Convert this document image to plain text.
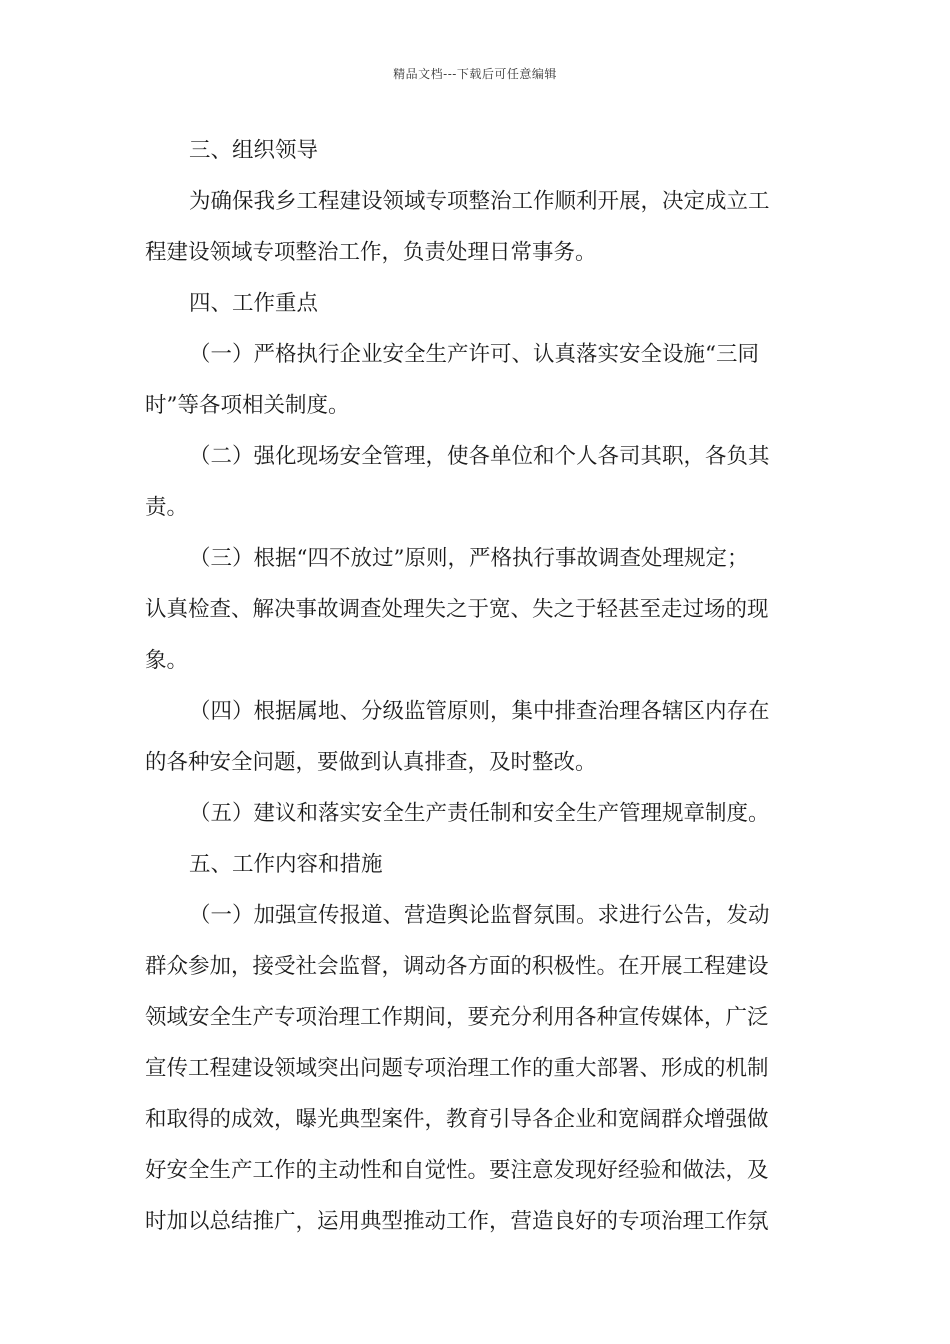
精品文档---下载后可任意编辑
三、组织领导
为确保我乡工程建设领域专项整治工作顺利开展，决定成立工
程建设领域专项整治工作，负责处理日常事务。
四、工作重点
（一）严格执行企业安全生产许可、认真落实安全设施“三同
时”等各项相关制度。
（二）强化现场安全管理，使各单位和个人各司其职，各负其
责。
（三）根据“四不放过”原则，严格执行事故调查处理规定；
认真检查、解决事故调查处理失之于宽、失之于轻甚至走过场的现
象。
（四）根据属地、分级监管原则，集中排查治理各辖区内存在
的各种安全问题，要做到认真排查，及时整改。
（五）建议和落实安全生产责任制和安全生产管理规章制度。
五、工作内容和措施
（一）加强宣传报道、营造舆论监督氛围。求进行公告，发动
群众参加，接受社会监督，调动各方面的积极性。在开展工程建设
领域安全生产专项治理工作期间，要充分利用各种宣传媒体，广泛
宣传工程建设领域突出问题专项治理工作的重大部署、形成的机制
和取得的成效，曝光典型案件，教育引导各企业和宽阔群众增强做
好安全生产工作的主动性和自觉性。要注意发现好经验和做法，及
时加以总结推广，运用典型推动工作，营造良好的专项治理工作氛
